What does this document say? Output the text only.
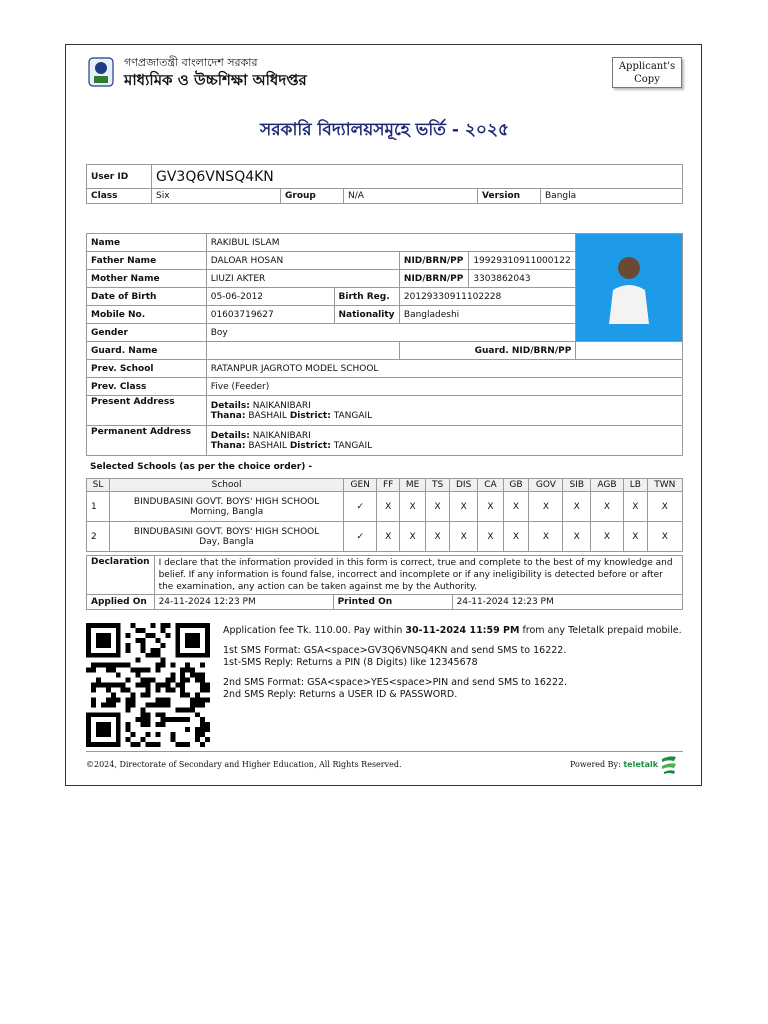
গণপ্রজাতন্ত্রী বাংলাদেশ সরকার
মাধ্যমিক ও উচ্চশিক্ষা অধিদপ্তর
Applicant's Copy
সরকারি বিদ্যালয়সমূহে ভর্তি - ২০২৫
User ID	GV3Q6VNSQ4KN				
Class	Six	Group	N/A	Version	Bangla
Name	RAKIBUL ISLAM	
Father Name	DALOAR HOSAN		NID/BRN/PP	19929310911000122	
Mother Name	LIUZI AKTER		NID/BRN/PP	3303862043	
Date of Birth	05-06-2012	Birth Reg.	20129330911102228		
Mobile No.	01603719627	Nationality	Bangladeshi		
Gender	Boy				
Guard. Name			Guard. NID/BRN/PP		
Prev. School	RATANPUR JAGROTO MODEL SCHOOL				
Prev. Class	Five (Feeder)				
Present Address	Details: NAIKANIBARI
Thana: BASHAIL District: TANGAIL				
Permanent Address	Details: NAIKANIBARI
Thana: BASHAIL District: TANGAIL				
Selected Schools (as per the choice order) -
SL	School	GEN	FF	ME	TS	DIS	CA	GB	GOV	SIB	AGB	LB	TWN
1	BINDUBASINI GOVT. BOYS' HIGH SCHOOL
Morning, Bangla	✓	X	X	X	X	X	X	X	X	X	X	X
2	BINDUBASINI GOVT. BOYS' HIGH SCHOOL
Day, Bangla	✓	X	X	X	X	X	X	X	X	X	X	X
Declaration	I declare that the information provided in this form is correct, true and complete to the best of my knowledge and belief. If any information is found false, incorrect and incomplete or if any ineligibility is detected before or after the examination, any action can be taken against me by the Authority.		
Applied On	24-11-2024 12:23 PM	Printed On	24-11-2024 12:23 PM

Application fee Tk. 110.00. Pay within 30-11-2024 11:59 PM from any Teletalk prepaid mobile.

1st SMS Format: GSA<space>GV3Q6VNSQ4KN and send SMS to 16222.
1st-SMS Reply: Returns a PIN (8 Digits) like 12345678

2nd SMS Format: GSA<space>YES<space>PIN and send SMS to 16222.
2nd SMS Reply: Returns a USER ID & PASSWORD.

©2024, Directorate of Secondary and Higher Education, All Rights Reserved.	Powered By: teletalk
